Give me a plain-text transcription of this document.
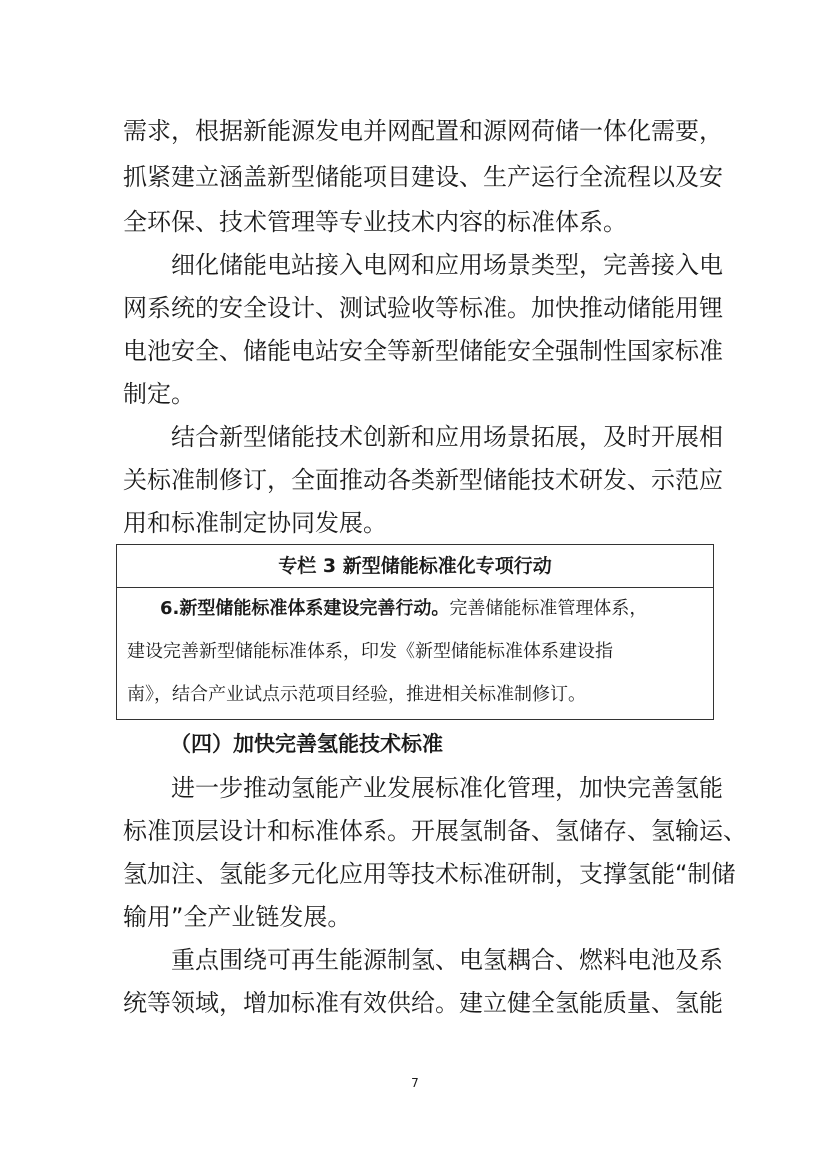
需求，根据新能源发电并网配置和源网荷储一体化需要，
抓紧建立涵盖新型储能项目建设、生产运行全流程以及安
全环保、技术管理等专业技术内容的标准体系。
细化储能电站接入电网和应用场景类型，完善接入电
网系统的安全设计、测试验收等标准。加快推动储能用锂
电池安全、储能电站安全等新型储能安全强制性国家标准
制定。
结合新型储能技术创新和应用场景拓展，及时开展相
关标准制修订，全面推动各类新型储能技术研发、示范应
用和标准制定协同发展。
专栏 3 新型储能标准化专项行动
6.新型储能标准体系建设完善行动。完善储能标准管理体系，
建设完善新型储能标准体系，印发《新型储能标准体系建设指
南》，结合产业试点示范项目经验，推进相关标准制修订。
（四）加快完善氢能技术标准
进一步推动氢能产业发展标准化管理，加快完善氢能
标准顶层设计和标准体系。开展氢制备、氢储存、氢输运、
氢加注、氢能多元化应用等技术标准研制，支撑氢能“制储
输用”全产业链发展。
重点围绕可再生能源制氢、电氢耦合、燃料电池及系
统等领域，增加标准有效供给。建立健全氢能质量、氢能
7
